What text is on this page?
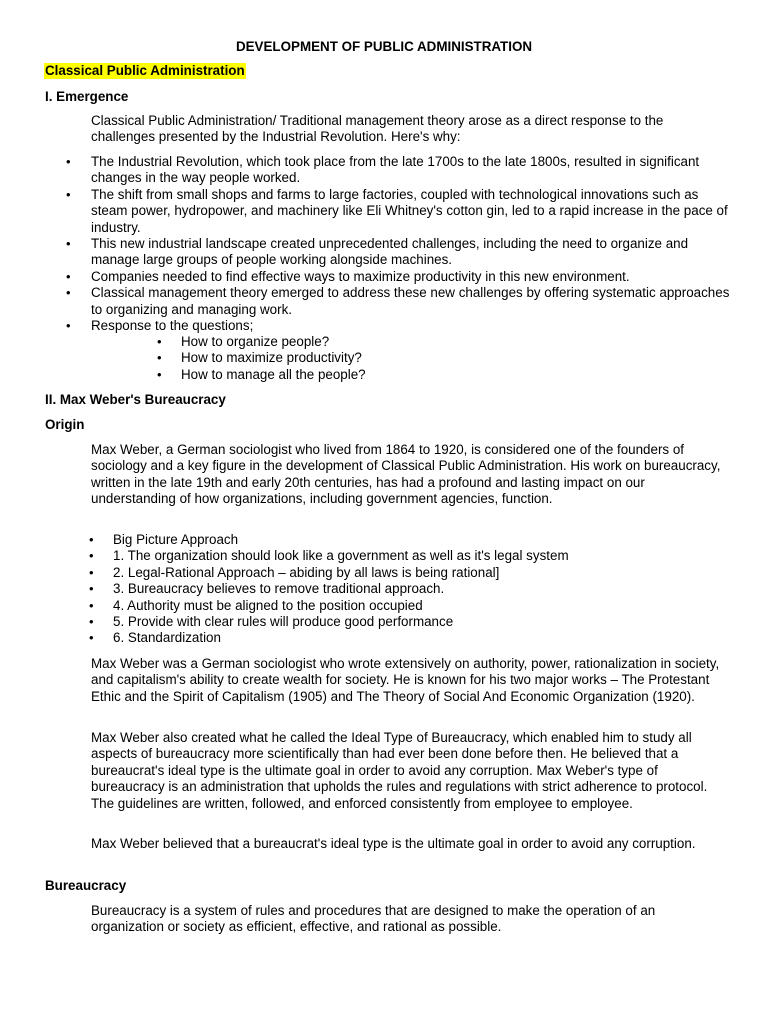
DEVELOPMENT OF PUBLIC ADMINISTRATION
Classical Public Administration
I. Emergence
Classical Public Administration/ Traditional management theory arose as a direct response to the challenges presented by the Industrial Revolution. Here's why:
• The Industrial Revolution, which took place from the late 1700s to the late 1800s, resulted in significant changes in the way people worked.
• The shift from small shops and farms to large factories, coupled with technological innovations such as steam power, hydropower, and machinery like Eli Whitney's cotton gin, led to a rapid increase in the pace of industry.
• This new industrial landscape created unprecedented challenges, including the need to organize and manage large groups of people working alongside machines.
• Companies needed to find effective ways to maximize productivity in this new environment.
• Classical management theory emerged to address these new challenges by offering systematic approaches to organizing and managing work.
• Response to the questions;
• How to organize people?
• How to maximize productivity?
• How to manage all the people?
II. Max Weber's Bureaucracy
Origin
Max Weber, a German sociologist who lived from 1864 to 1920, is considered one of the founders of sociology and a key figure in the development of Classical Public Administration. His work on bureaucracy, written in the late 19th and early 20th centuries, has had a profound and lasting impact on our understanding of how organizations, including government agencies, function.
• Big Picture Approach
• 1. The organization should look like a government as well as it's legal system
• 2. Legal-Rational Approach – abiding by all laws is being rational]
• 3. Bureaucracy believes to remove traditional approach.
• 4. Authority must be aligned to the position occupied
• 5. Provide with clear rules will produce good performance
• 6. Standardization
Max Weber was a German sociologist who wrote extensively on authority, power, rationalization in society, and capitalism's ability to create wealth for society. He is known for his two major works – The Protestant Ethic and the Spirit of Capitalism (1905) and The Theory of Social And Economic Organization (1920).
Max Weber also created what he called the Ideal Type of Bureaucracy, which enabled him to study all aspects of bureaucracy more scientifically than had ever been done before then. He believed that a bureaucrat's ideal type is the ultimate goal in order to avoid any corruption. Max Weber's type of bureaucracy is an administration that upholds the rules and regulations with strict adherence to protocol. The guidelines are written, followed, and enforced consistently from employee to employee.
Max Weber believed that a bureaucrat's ideal type is the ultimate goal in order to avoid any corruption.
Bureaucracy
Bureaucracy is a system of rules and procedures that are designed to make the operation of an organization or society as efficient, effective, and rational as possible.
